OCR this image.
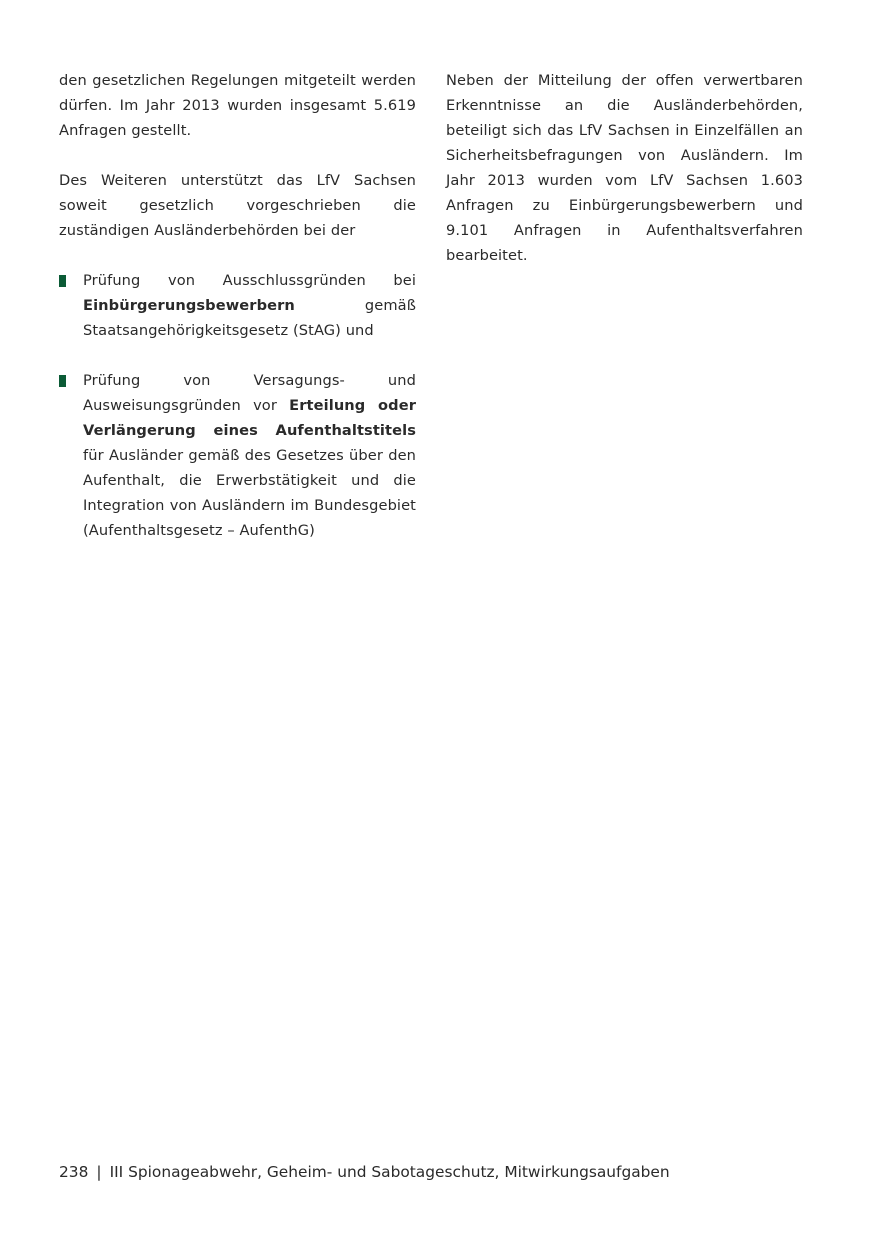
den gesetzlichen Regelungen mitgeteilt werden dürfen. Im Jahr 2013 wurden insgesamt 5.619 Anfragen gestellt.

Des Weiteren unterstützt das LfV Sachsen soweit gesetzlich vorgeschrieben die zuständigen Ausländerbehörden bei der

Prüfung von Ausschlussgründen bei Einbürgerungsbewerbern gemäß Staatsangehörigkeitsgesetz (StAG) und
Prüfung von Versagungs- und Ausweisungsgründen vor Erteilung oder Verlängerung eines Aufenthaltstitels für Ausländer gemäß des Gesetzes über den Aufenthalt, die Erwerbstätigkeit und die Integration von Ausländern im Bundesgebiet (Aufenthaltsgesetz – AufenthG)

Neben der Mitteilung der offen verwertbaren Erkenntnisse an die Ausländerbehörden, beteiligt sich das LfV Sachsen in Einzelfällen an Sicherheitsbefragungen von Ausländern. Im Jahr 2013 wurden vom LfV Sachsen 1.603 Anfragen zu Einbürgerungsbewerbern und 9.101 Anfragen in Aufenthaltsverfahren bearbeitet.

238 | III Spionageabwehr, Geheim- und Sabotageschutz, Mitwirkungsaufgaben
